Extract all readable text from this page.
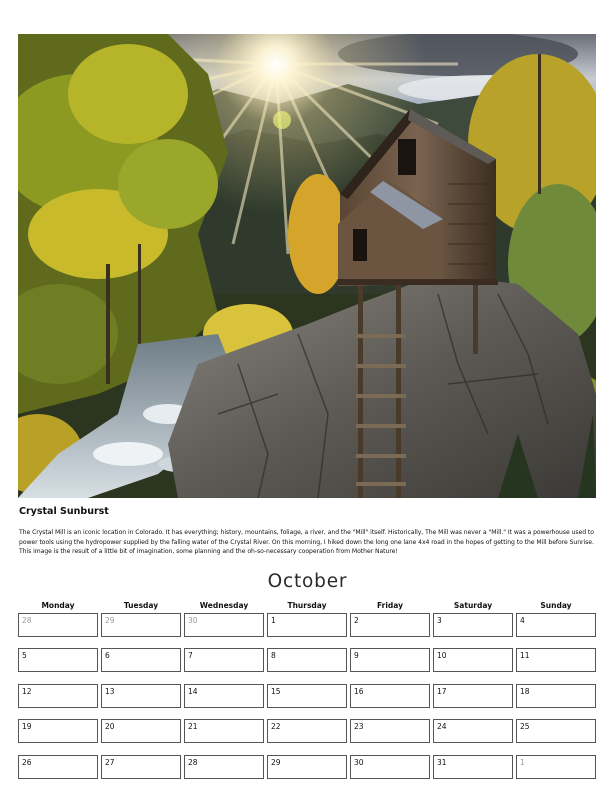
Crystal Sunburst
The Crystal Mill is an iconic location in Colorado. It has everything; history, mountains, foliage, a river, and the "Mill" itself. Historically, The Mill was never a "Mill." It was a powerhouse used to power tools using the hydropower supplied by the falling water of the Crystal River. On this morning, I hiked down the long one lane 4x4 road in the hopes of getting to the Mill before Sunrise. This image is the result of a little bit of imagination, some planning and the oh-so-necessary cooperation from Mother Nature!
October
Monday	Tuesday	Wednesday	Thursday	Friday	Saturday	Sunday
28	29	30	1	2	3	4
5	6	7	8	9	10	11
12	13	14	15	16	17	18
19	20	21	22	23	24	25
26	27	28	29	30	31	1
